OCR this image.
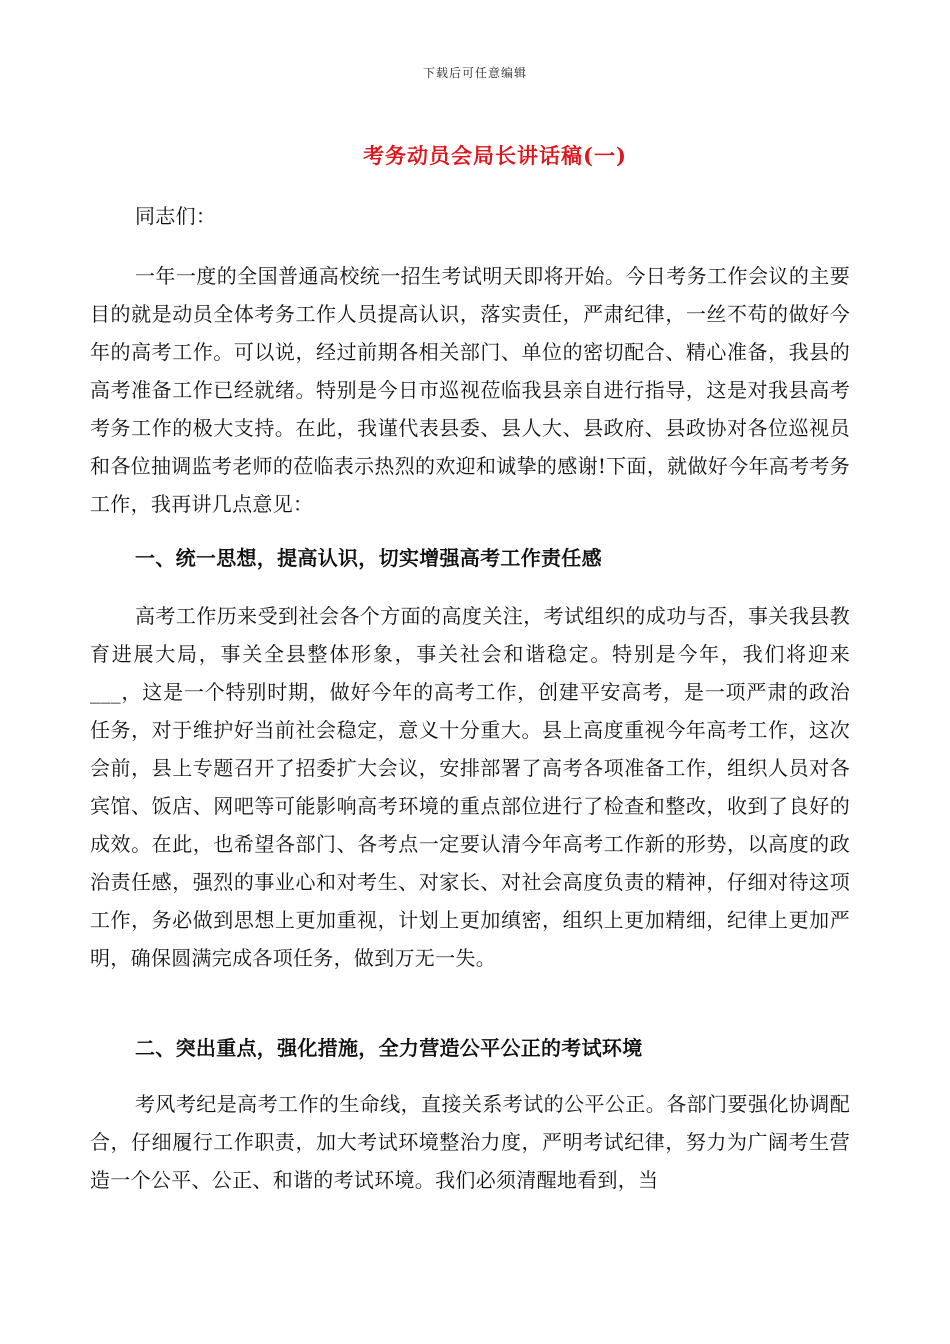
下载后可任意编辑
考务动员会局长讲话稿(一)
同志们：
一年一度的全国普通高校统一招生考试明天即将开始。今日考务工作会议的主要目的就是动员全体考务工作人员提高认识，落实责任，严肃纪律，一丝不苟的做好今年的高考工作。可以说，经过前期各相关部门、单位的密切配合、精心准备，我县的高考准备工作已经就绪。特别是今日市巡视莅临我县亲自进行指导，这是对我县高考考务工作的极大支持。在此，我谨代表县委、县人大、县政府、县政协对各位巡视员和各位抽调监考老师的莅临表示热烈的欢迎和诚挚的感谢!下面，就做好今年高考考务工作，我再讲几点意见：
一、统一思想，提高认识，切实增强高考工作责任感
高考工作历来受到社会各个方面的高度关注，考试组织的成功与否，事关我县教育进展大局，事关全县整体形象，事关社会和谐稳定。特别是今年，我们将迎来___，这是一个特别时期，做好今年的高考工作，创建平安高考，是一项严肃的政治任务，对于维护好当前社会稳定，意义十分重大。县上高度重视今年高考工作，这次会前，县上专题召开了招委扩大会议，安排部署了高考各项准备工作，组织人员对各宾馆、饭店、网吧等可能影响高考环境的重点部位进行了检查和整改，收到了良好的成效。在此，也希望各部门、各考点一定要认清今年高考工作新的形势，以高度的政治责任感，强烈的事业心和对考生、对家长、对社会高度负责的精神，仔细对待这项工作，务必做到思想上更加重视，计划上更加缜密，组织上更加精细，纪律上更加严明，确保圆满完成各项任务，做到万无一失。
二、突出重点，强化措施，全力营造公平公正的考试环境
考风考纪是高考工作的生命线，直接关系考试的公平公正。各部门要强化协调配合，仔细履行工作职责，加大考试环境整治力度，严明考试纪律，努力为广阔考生营造一个公平、公正、和谐的考试环境。我们必须清醒地看到，当
